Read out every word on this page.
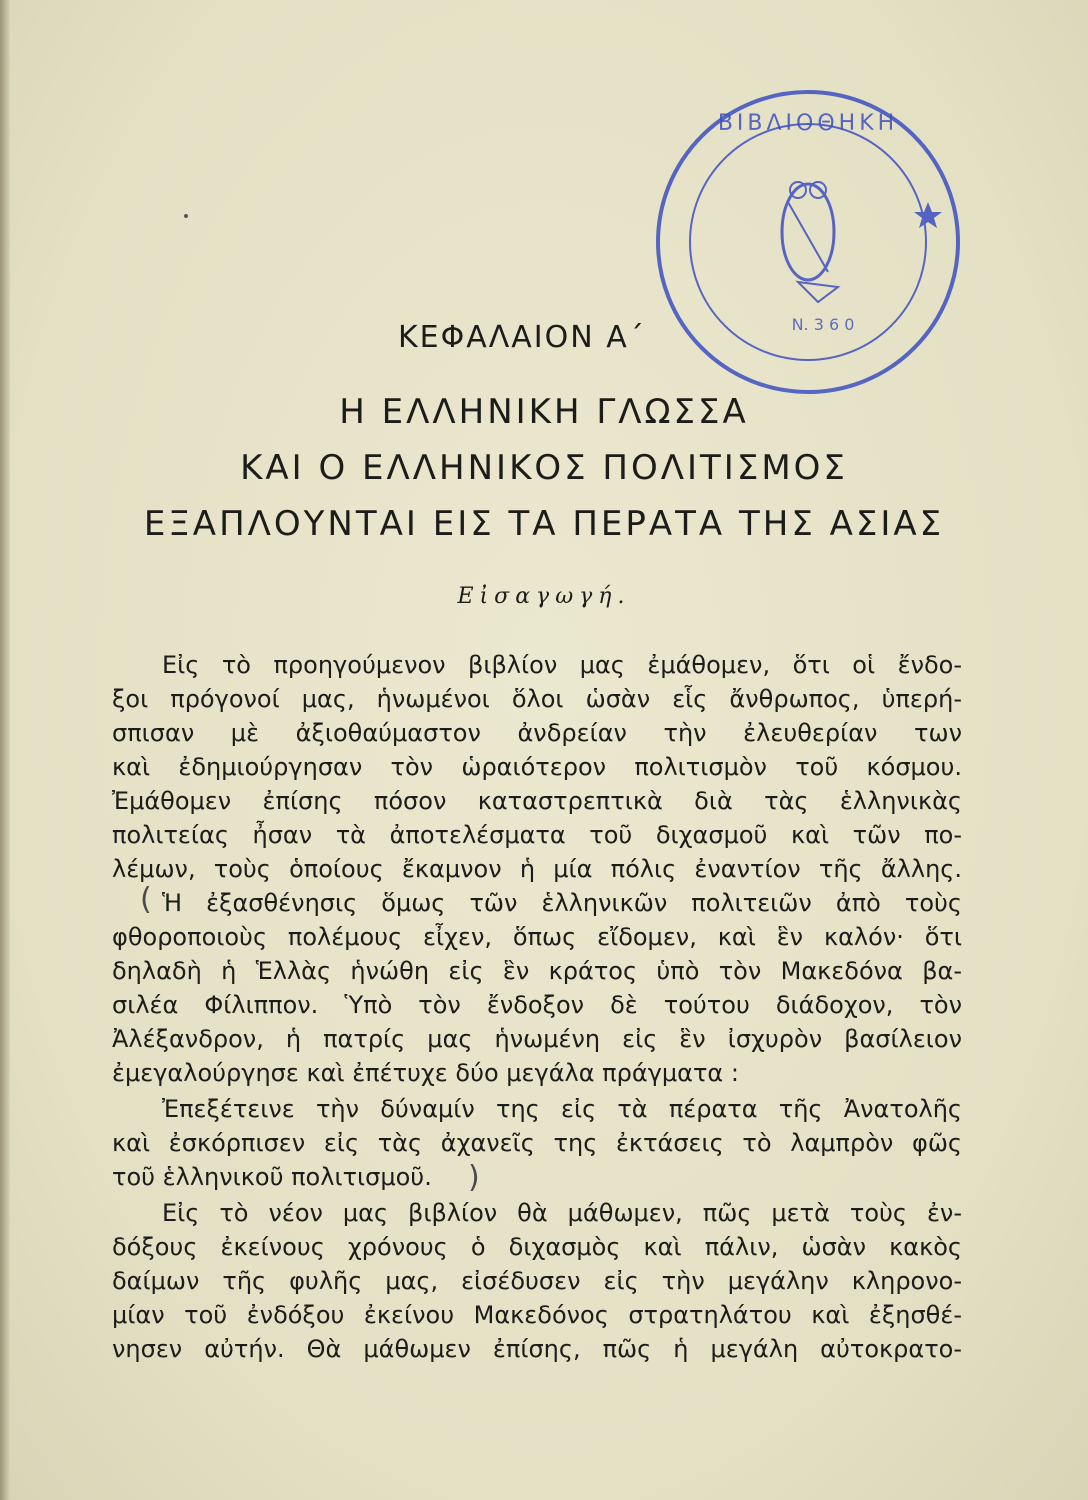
ΒΙΒΛΙΟΘΗΚΗ
Ν. 3 6 0
ΚΕΦΑΛΑΙΟΝ Α΄
Η ΕΛΛΗΝΙΚΗ ΓΛΩΣΣΑ
ΚΑΙ Ο ΕΛΛΗΝΙΚΟΣ ΠΟΛΙΤΙΣΜΟΣ
ΕΞΑΠΛΟΥΝΤΑΙ ΕΙΣ ΤΑ ΠΕΡΑΤΑ ΤΗΣ ΑΣΙΑΣ
Εἰσαγωγή.
Εἰς τὸ προηγούμενον βιβλίον μας ἐμάθομεν, ὅτι οἱ ἔνδο-
ξοι πρόγονοί μας, ἡνωμένοι ὅλοι ὡσὰν εἷς ἄνθρωπος, ὑπερή-
σπισαν μὲ ἀξιοθαύμαστον ἀνδρείαν τὴν ἐλευθερίαν των
καὶ ἐδημιούργησαν τὸν ὡραιότερον πολιτισμὸν τοῦ κόσμου.
Ἐμάθομεν ἐπίσης πόσον καταστρεπτικὰ διὰ τὰς ἑλληνικὰς
πολιτείας ἦσαν τὰ ἀποτελέσματα τοῦ διχασμοῦ καὶ τῶν πο-
λέμων, τοὺς ὁποίους ἔκαμνον ἡ μία πόλις ἐναντίον τῆς ἄλλης.
Ἡ ἐξασθένησις ὅμως τῶν ἑλληνικῶν πολιτειῶν ἀπὸ τοὺς
φθοροποιοὺς πολέμους εἶχεν, ὅπως εἴδομεν, καὶ ἓν καλόν· ὅτι
δηλαδὴ ἡ Ἑλλὰς ἡνώθη εἰς ἓν κράτος ὑπὸ τὸν Μακεδόνα βα-
σιλέα Φίλιππον. Ὑπὸ τὸν ἔνδοξον δὲ τούτου διάδοχον, τὸν
Ἀλέξανδρον, ἡ πατρίς μας ἡνωμένη εἰς ἓν ἰσχυρὸν βασίλειον
ἐμεγαλούργησε καὶ ἐπέτυχε δύο μεγάλα πράγματα :
Ἐπεξέτεινε τὴν δύναμίν της εἰς τὰ πέρατα τῆς Ἀνατολῆς
καὶ ἐσκόρπισεν εἰς τὰς ἀχανεῖς της ἐκτάσεις τὸ λαμπρὸν φῶς
τοῦ ἑλληνικοῦ πολιτισμοῦ.
Εἰς τὸ νέον μας βιβλίον θὰ μάθωμεν, πῶς μετὰ τοὺς ἐν-
δόξους ἐκείνους χρόνους ὁ διχασμὸς καὶ πάλιν, ὡσὰν κακὸς
δαίμων τῆς φυλῆς μας, εἰσέδυσεν εἰς τὴν μεγάλην κληρονο-
μίαν τοῦ ἐνδόξου ἐκείνου Μακεδόνος στρατηλάτου καὶ ἐξησθέ-
νησεν αὐτήν. Θὰ μάθωμεν ἐπίσης, πῶς ἡ μεγάλη αὐτοκρατο-
(
)
